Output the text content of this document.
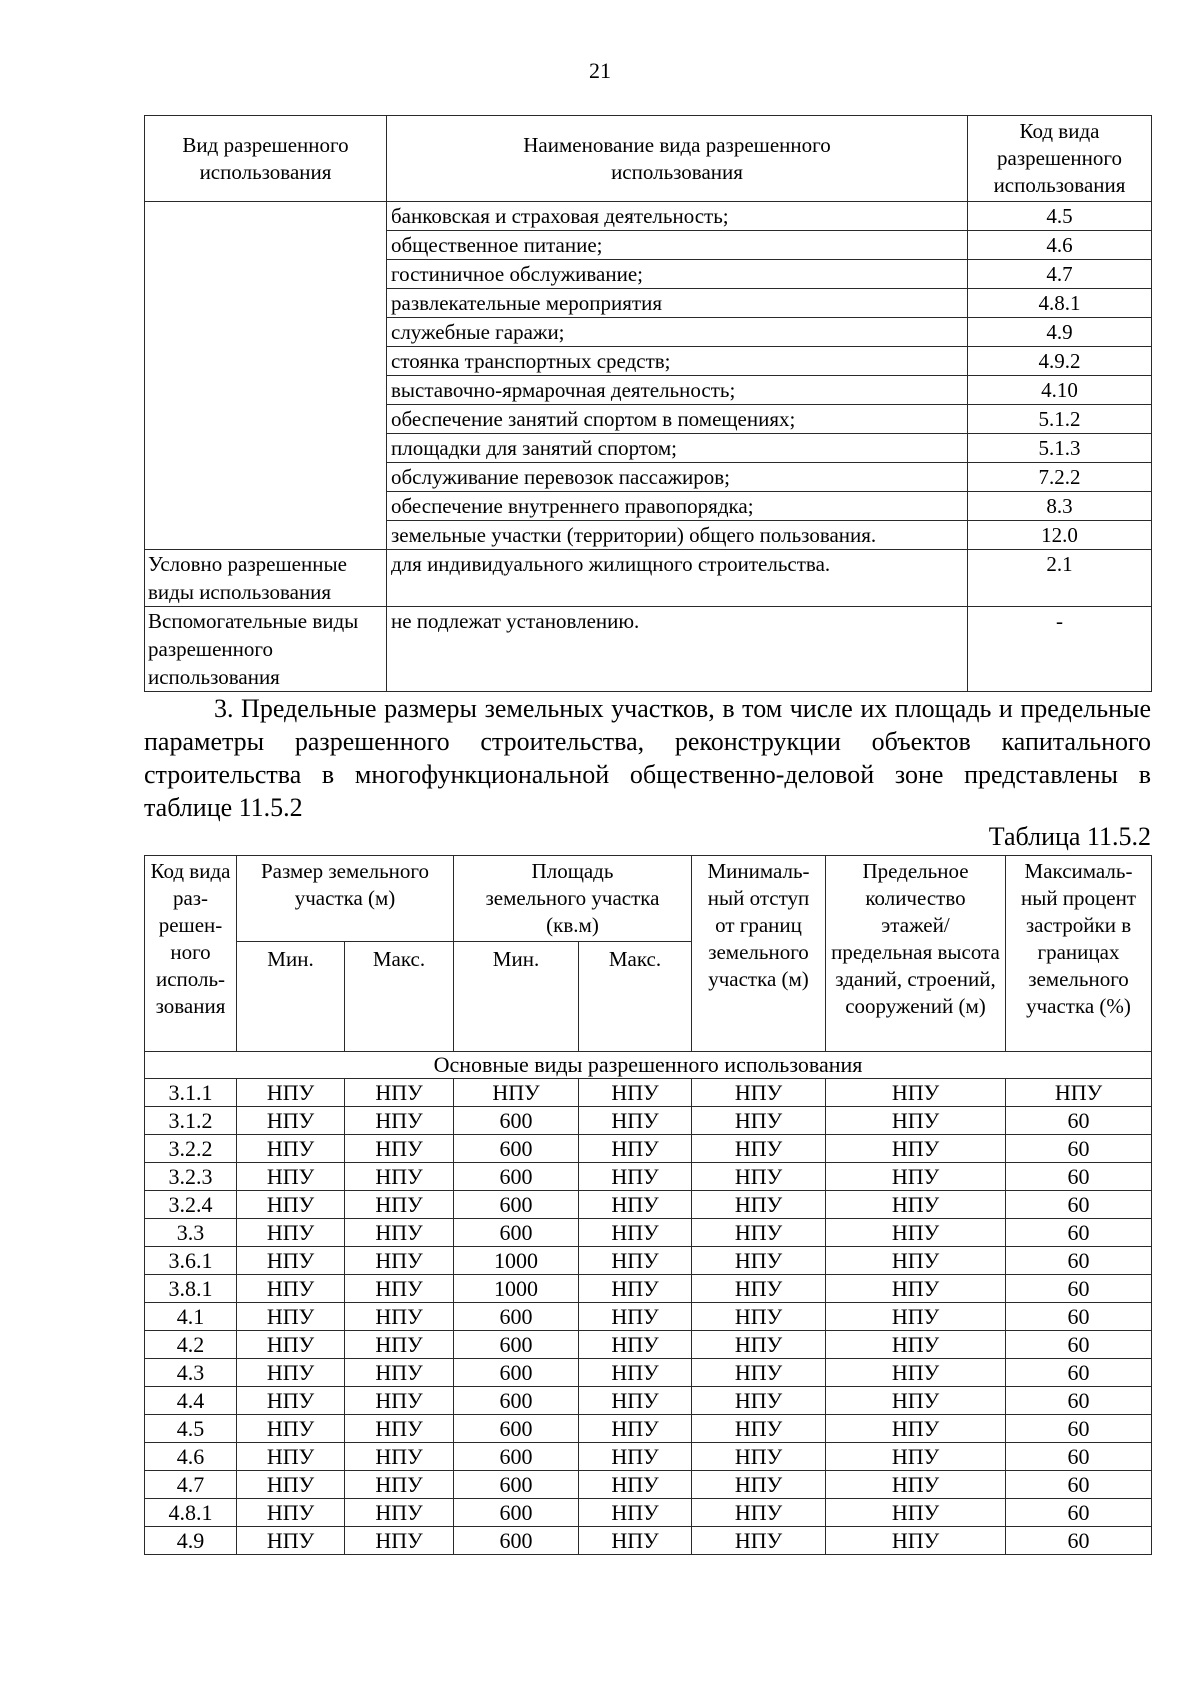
21
Вид разрешенного использования	Наименование вида разрешенного использования	Код вида разрешенного использования
	банковская и страховая деятельность;	4.5
	общественное питание;	4.6
	гостиничное обслуживание;	4.7
	развлекательные мероприятия	4.8.1
	служебные гаражи;	4.9
	стоянка транспортных средств;	4.9.2
	выставочно-ярмарочная деятельность;	4.10
	обеспечение занятий спортом в помещениях;	5.1.2
	площадки для занятий спортом;	5.1.3
	обслуживание перевозок пассажиров;	7.2.2
	обеспечение внутреннего правопорядка;	8.3
	земельные участки (территории) общего пользования.	12.0
Условно разрешенные виды использования	для индивидуального жилищного строительства.	2.1
Вспомогательные виды разрешенного использования	не подлежат установлению.	-

3. Предельные размеры земельных участков, в том числе их площадь и предельные параметры разрешенного строительства, реконструкции объектов капитального строительства в многофункциональной общественно-деловой зоне представлены в таблице 11.5.2

Таблица 11.5.2
Код вида раз-решен-ного исполь-зования	Размер земельного участка (м)		Площадь земельного участка (кв.м)		Минималь-ный отступ от границ земельного участка (м)	Предельное количество этажей/ предельная высота зданий, строений, сооружений (м)	Максималь-ный процент застройки в границах земельного участка (%)
	Мин.	Макс.	Мин.	Макс.			
Основные виды разрешенного использования							
3.1.1	НПУ	НПУ	НПУ	НПУ	НПУ	НПУ	НПУ
3.1.2	НПУ	НПУ	600	НПУ	НПУ	НПУ	60
3.2.2	НПУ	НПУ	600	НПУ	НПУ	НПУ	60
3.2.3	НПУ	НПУ	600	НПУ	НПУ	НПУ	60
3.2.4	НПУ	НПУ	600	НПУ	НПУ	НПУ	60
3.3	НПУ	НПУ	600	НПУ	НПУ	НПУ	60
3.6.1	НПУ	НПУ	1000	НПУ	НПУ	НПУ	60
3.8.1	НПУ	НПУ	1000	НПУ	НПУ	НПУ	60
4.1	НПУ	НПУ	600	НПУ	НПУ	НПУ	60
4.2	НПУ	НПУ	600	НПУ	НПУ	НПУ	60
4.3	НПУ	НПУ	600	НПУ	НПУ	НПУ	60
4.4	НПУ	НПУ	600	НПУ	НПУ	НПУ	60
4.5	НПУ	НПУ	600	НПУ	НПУ	НПУ	60
4.6	НПУ	НПУ	600	НПУ	НПУ	НПУ	60
4.7	НПУ	НПУ	600	НПУ	НПУ	НПУ	60
4.8.1	НПУ	НПУ	600	НПУ	НПУ	НПУ	60
4.9	НПУ	НПУ	600	НПУ	НПУ	НПУ	60
